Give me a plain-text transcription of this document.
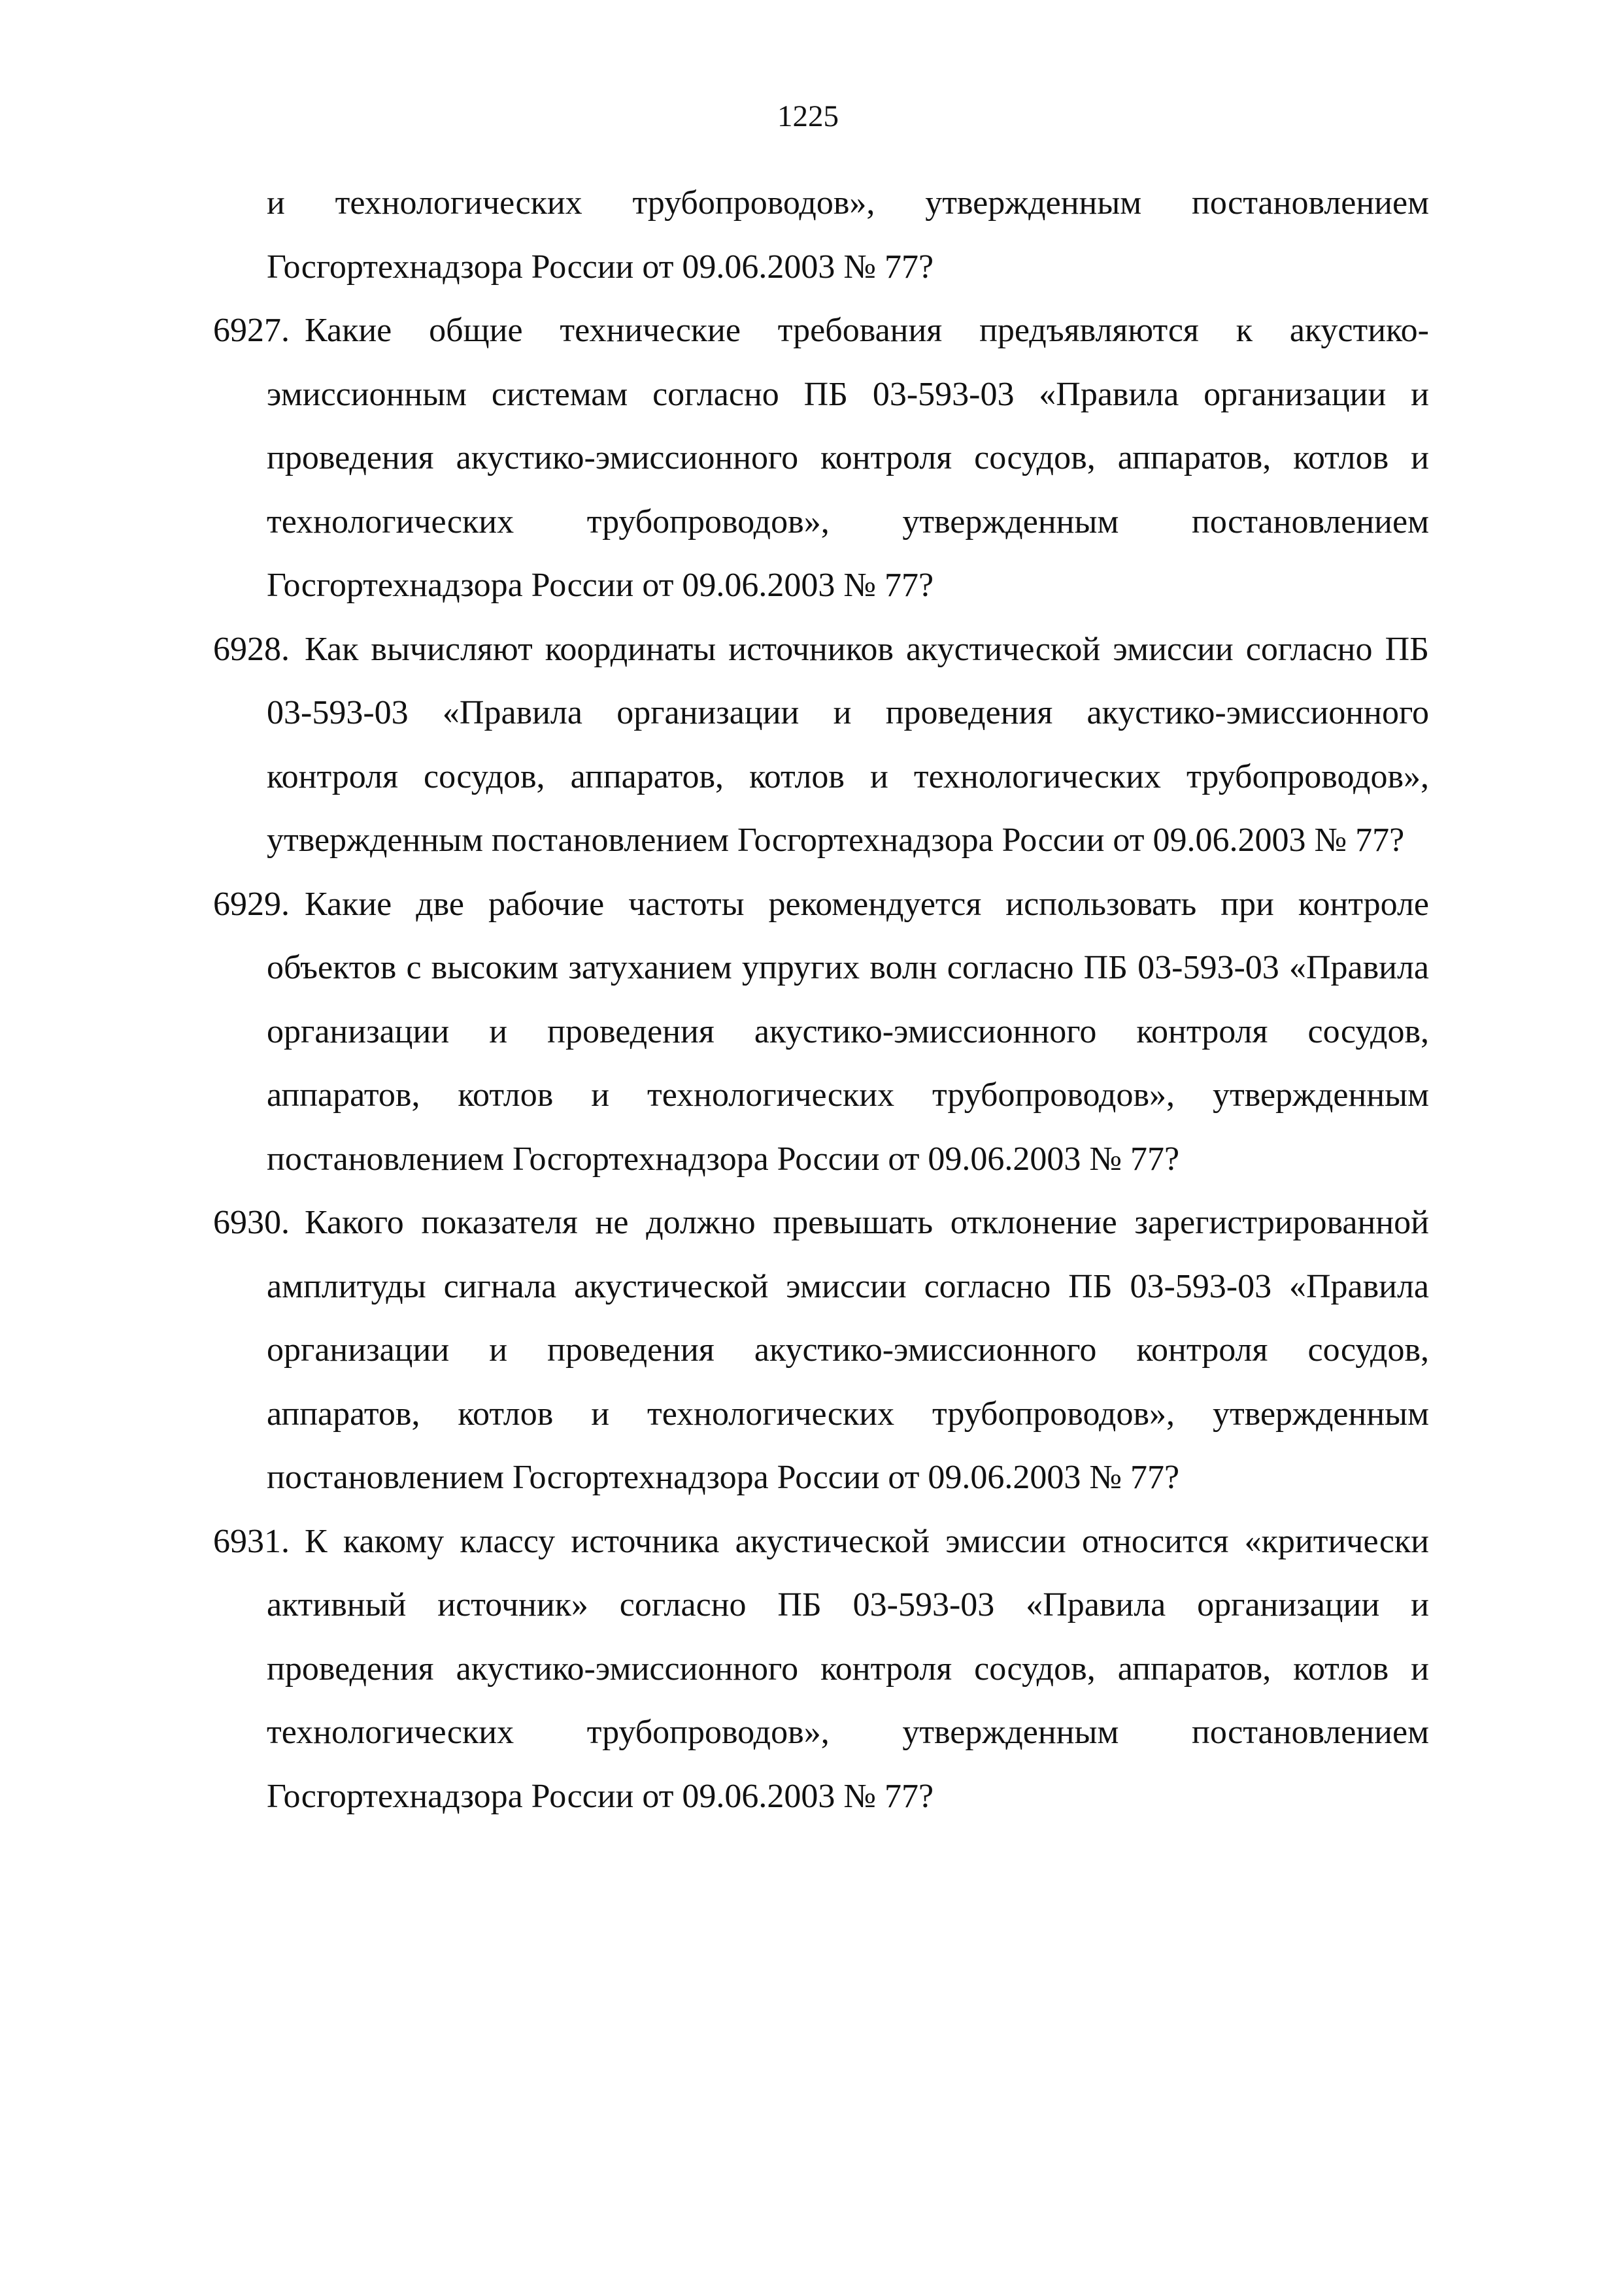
1225
и технологических трубопроводов», утвержденным постановлением Госгортехнадзора России от 09.06.2003 № 77?
6927. Какие общие технические требования предъявляются к акустико-эмиссионным системам согласно ПБ 03-593-03 «Правила организации и проведения акустико-эмиссионного контроля сосудов, аппаратов, котлов и технологических трубопроводов», утвержденным постановлением Госгортехнадзора России от 09.06.2003 № 77?
6928. Как вычисляют координаты источников акустической эмиссии согласно ПБ 03-593-03 «Правила организации и проведения акустико-эмиссионного контроля сосудов, аппаратов, котлов и технологических трубопроводов», утвержденным постановлением Госгортехнадзора России от 09.06.2003 № 77?
6929. Какие две рабочие частоты рекомендуется использовать при контроле объектов с высоким затуханием упругих волн согласно ПБ 03-593-03 «Правила организации и проведения акустико-эмиссионного контроля сосудов, аппаратов, котлов и технологических трубопроводов», утвержденным постановлением Госгортехнадзора России от 09.06.2003 № 77?
6930. Какого показателя не должно превышать отклонение зарегистрированной амплитуды сигнала акустической эмиссии согласно ПБ 03-593-03 «Правила организации и проведения акустико-эмиссионного контроля сосудов, аппаратов, котлов и технологических трубопроводов», утвержденным постановлением Госгортехнадзора России от 09.06.2003 № 77?
6931. К какому классу источника акустической эмиссии относится «критически активный источник» согласно ПБ 03-593-03 «Правила организации и проведения акустико-эмиссионного контроля сосудов, аппаратов, котлов и технологических трубопроводов», утвержденным постановлением Госгортехнадзора России от 09.06.2003 № 77?
